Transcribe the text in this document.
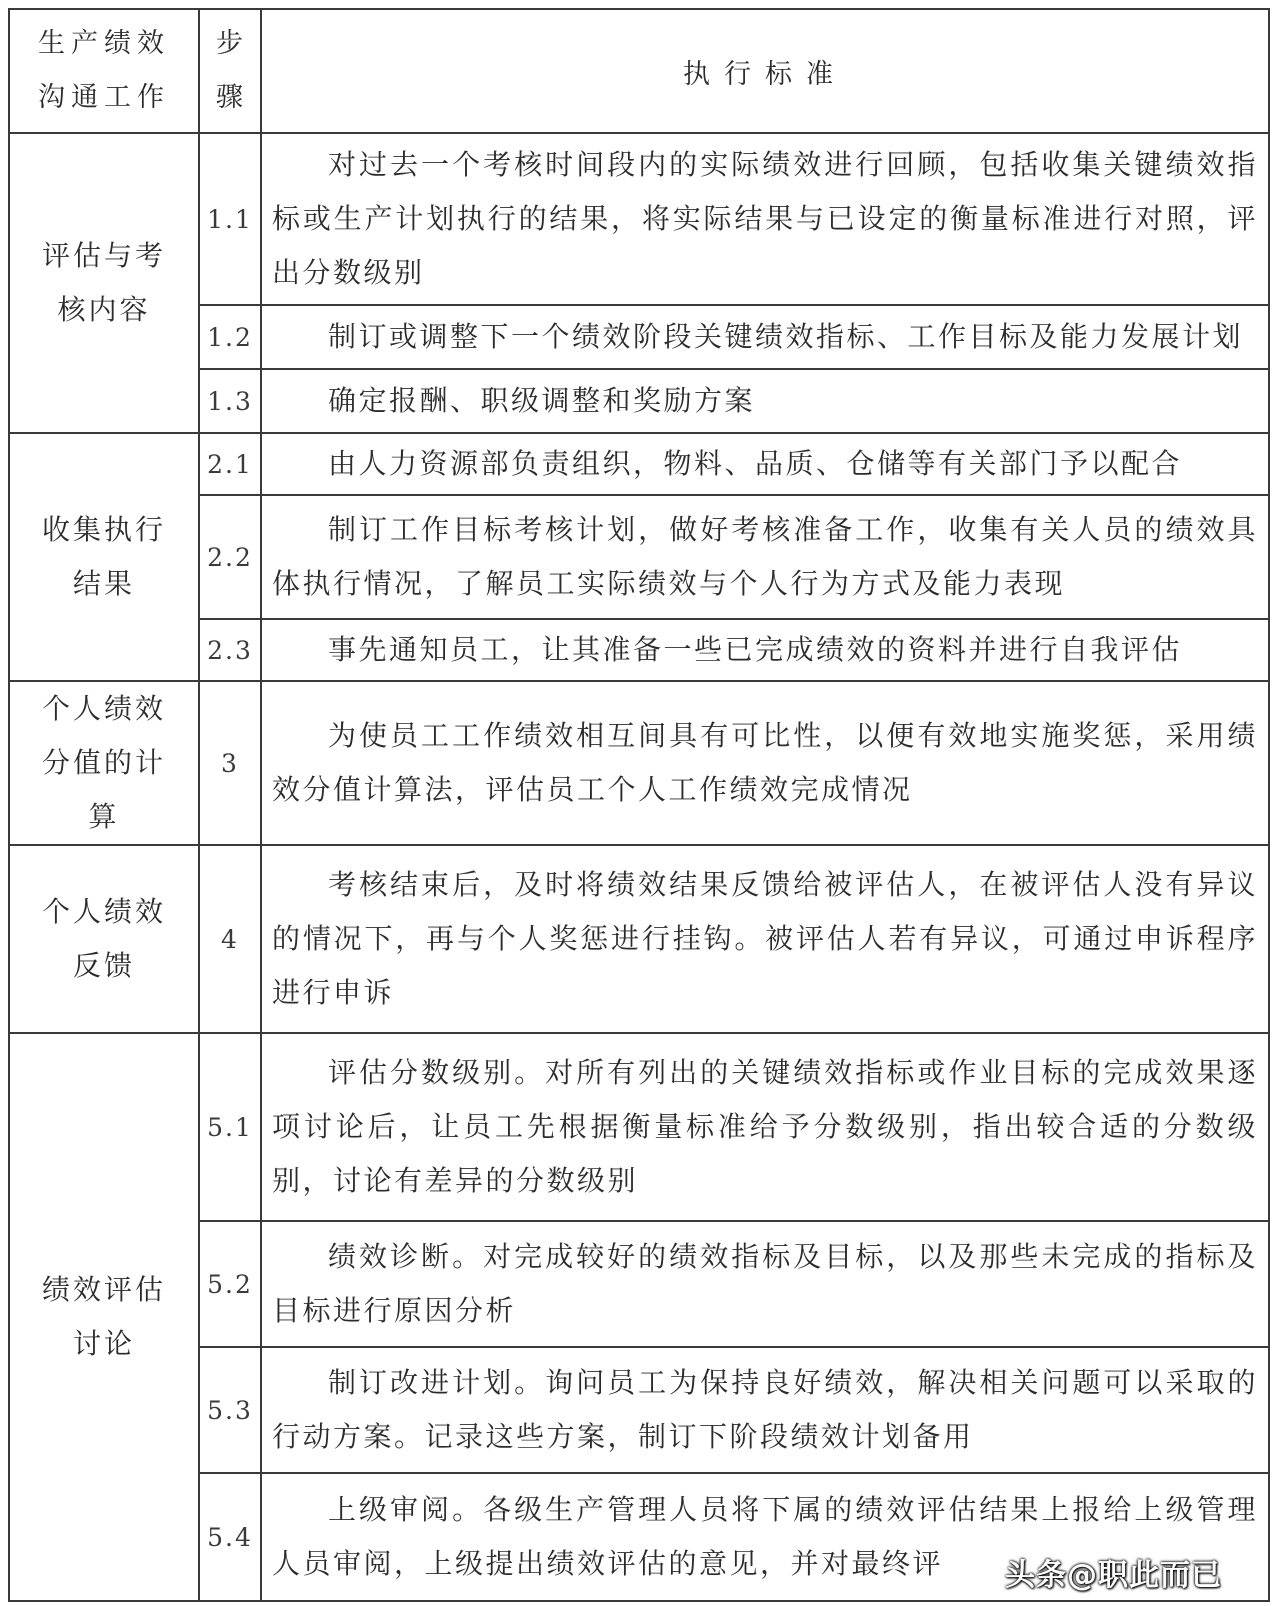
生产绩效沟通工作	步骤	执行标准
评估与考核内容	1.1	对过去一个考核时间段内的实际绩效进行回顾，包括收集关键绩效指标或生产计划执行的结果，将实际结果与已设定的衡量标准进行对照，评出分数级别
	1.2	制订或调整下一个绩效阶段关键绩效指标、工作目标及能力发展计划
	1.3	确定报酬、职级调整和奖励方案
收集执行结果	2.1	由人力资源部负责组织，物料、品质、仓储等有关部门予以配合
	2.2	制订工作目标考核计划，做好考核准备工作，收集有关人员的绩效具体执行情况，了解员工实际绩效与个人行为方式及能力表现
	2.3	事先通知员工，让其准备一些已完成绩效的资料并进行自我评估
个人绩效分值的计算	3	为使员工工作绩效相互间具有可比性，以便有效地实施奖惩，采用绩效分值计算法，评估员工个人工作绩效完成情况
个人绩效反馈	4	考核结束后，及时将绩效结果反馈给被评估人，在被评估人没有异议的情况下，再与个人奖惩进行挂钩。被评估人若有异议，可通过申诉程序进行申诉
绩效评估讨论	5.1	评估分数级别。对所有列出的关键绩效指标或作业目标的完成效果逐项讨论后，让员工先根据衡量标准给予分数级别，指出较合适的分数级别，讨论有差异的分数级别
	5.2	绩效诊断。对完成较好的绩效指标及目标，以及那些未完成的指标及目标进行原因分析
	5.3	制订改进计划。询问员工为保持良好绩效，解决相关问题可以采取的行动方案。记录这些方案，制订下阶段绩效计划备用
	5.4	上级审阅。各级生产管理人员将下属的绩效评估结果上报给上级管理人员审阅，上级提出绩效评估的意见，并对最终评 头条@职此而已
